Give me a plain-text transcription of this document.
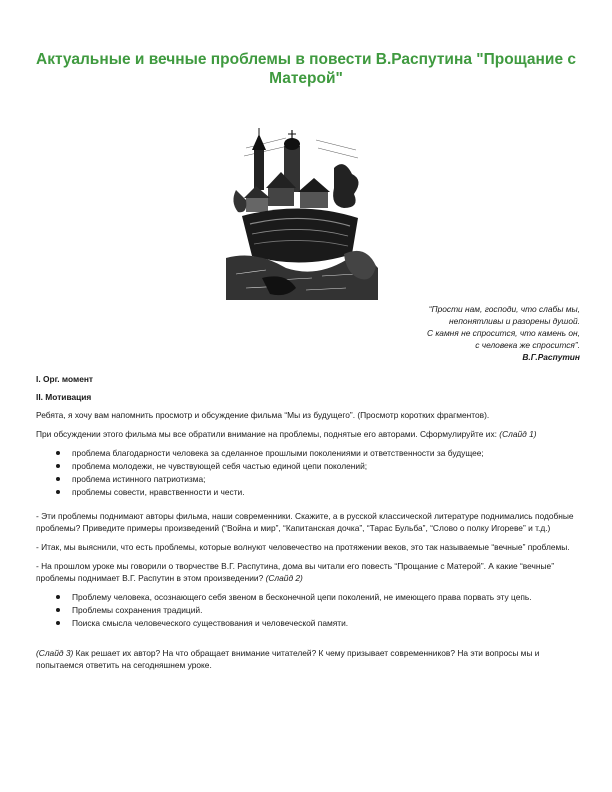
Актуальные и вечные проблемы в повести В.Распутина "Прощание с Матерой"
“Прости нам, господи, что слабы мы,
непонятливы и разорены душой.
С камня не спросится, что камень он,
с человека же спросится”.
В.Г.Распутин
I. Орг. момент
II. Мотивация
Ребята, я хочу вам напомнить просмотр и обсуждение фильма “Мы из будущего”. (Просмотр коротких фрагментов).
При обсуждении этого фильма мы все обратили внимание на проблемы, поднятые его авторами. Сформулируйте их: (Слайд 1)
проблема благодарности человека за сделанное прошлыми поколениями и ответственности за будущее;
проблема молодежи, не чувствующей себя частью единой цепи поколений;
проблема истинного патриотизма;
проблемы совести, нравственности и чести.
- Эти проблемы поднимают авторы фильма, наши современники. Скажите, а в русской классической литературе поднимались подобные проблемы? Приведите примеры произведений (“Война и мир”, “Капитанская дочка”, “Тарас Бульба”, “Слово о полку Игореве” и т.д.)
- Итак, мы выяснили, что есть проблемы, которые волнуют человечество на протяжении веков, это так называемые “вечные” проблемы.
- На прошлом уроке мы говорили о творчестве В.Г. Распутина, дома вы читали его повесть “Прощание с Матерой”. А какие “вечные” проблемы поднимает В.Г. Распутин в этом произведении? (Слайд 2)
Проблему человека, осознающего себя звеном в бесконечной цепи поколений, не имеющего права порвать эту цепь.
Проблемы сохранения традиций.
Поиска смысла человеческого существования и человеческой памяти.
(Слайд 3) Как решает их автор? На что обращает внимание читателей? К чему призывает современников? На эти вопросы мы и попытаемся ответить на сегодняшнем уроке.
